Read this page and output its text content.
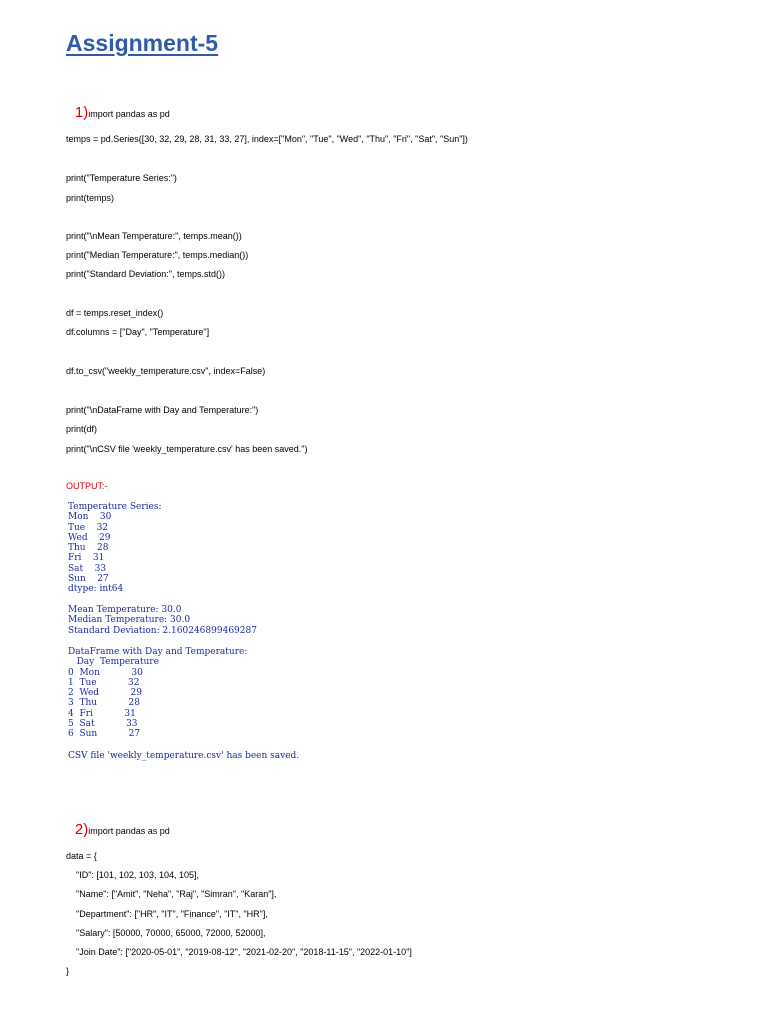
Assignment-5

1)import pandas as pd

temps = pd.Series([30, 32, 29, 28, 31, 33, 27], index=["Mon", "Tue", "Wed", "Thu", "Fri", "Sat", "Sun"])
print("Temperature Series:")
print(temps)
print("\nMean Temperature:", temps.mean())
print("Median Temperature:", temps.median())
print("Standard Deviation:", temps.std())
df = temps.reset_index()
df.columns = ["Day", "Temperature"]
df.to_csv("weekly_temperature.csv", index=False)
print("\nDataFrame with Day and Temperature:")
print(df)
print("\nCSV file 'weekly_temperature.csv' has been saved.")
OUTPUT:-
Temperature Series:
Mon    30
Tue    32
Wed    29
Thu    28
Fri    31
Sat    33
Sun    27
dtype: int64
Mean Temperature: 30.0
Median Temperature: 30.0
Standard Deviation: 2.160246899469287
DataFrame with Day and Temperature:
Day  Temperature
0  Mon           30
1  Tue           32
2  Wed           29
3  Thu           28
4  Fri           31
5  Sat           33
6  Sun           27
CSV file 'weekly_temperature.csv' has been saved.

2)import pandas as pd

data = {
"ID": [101, 102, 103, 104, 105],
"Name": ["Amit", "Neha", "Raj", "Simran", "Karan"],
"Department": ["HR", "IT", "Finance", "IT", "HR"],
"Salary": [50000, 70000, 65000, 72000, 52000],
"Join Date": ["2020-05-01", "2019-08-12", "2021-02-20", "2018-11-15", "2022-01-10"]
}
